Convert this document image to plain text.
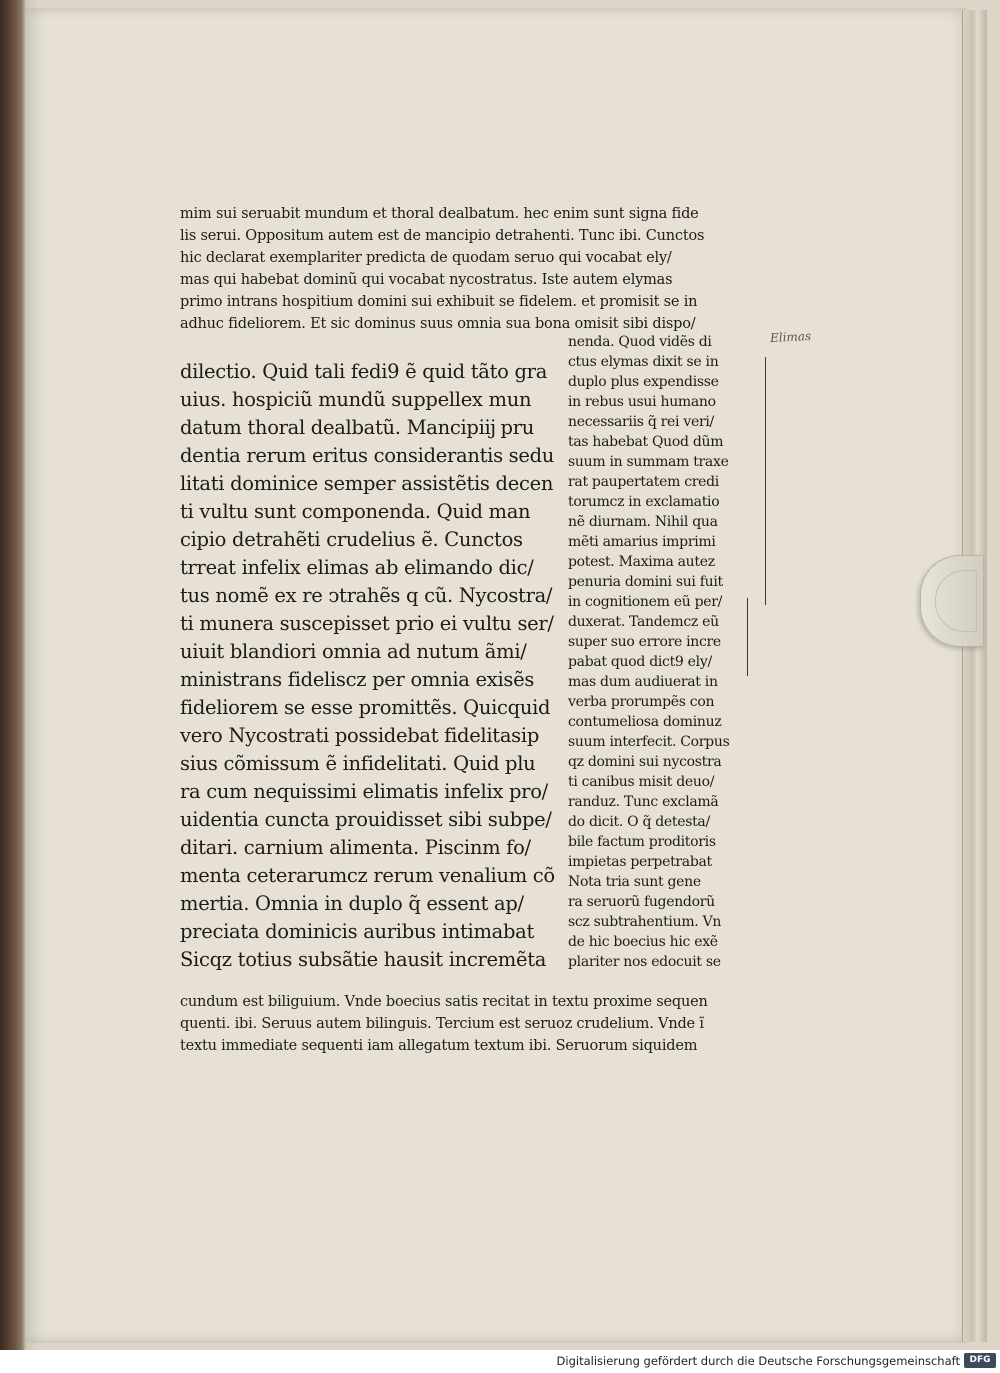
mim sui seruabit mundum et thoral dealbatum. hec enim sunt signa fide
lis serui. Oppositum autem est de mancipio detrahenti. Tunc ibi. Cunctos
hic declarat exemplariter predicta de quodam seruo qui vocabat ely/
mas qui habebat dominũ qui vocabat nycostratus. Iste autem elymas
primo intrans hospitium domini sui exhibuit se fidelem. et promisit se in
adhuc fideliorem. Et sic dominus suus omnia sua bona omisit sibi dispo/
dilectio. Quid tali fedi9 ẽ quid tãto gra
uius. hospiciũ mundũ suppellex mun
datum thoral dealbatũ. Mancipiĳ pru
dentia rerum eritus considerantis sedu
litati dominice semper assistẽtis decen
ti vultu sunt componenda. Quid man
cipio detrahẽti crudelius ẽ. Cunctos
trreat infelix elimas ab elimando dic/
tus nomẽ ex re ↄtrahẽs q cũ. Nycostra/
ti munera suscepisset prio ei vultu ser/
uiuit blandiori omnia ad nutum ãmi/
ministrans fideliscz per omnia exisẽs
fideliorem se esse promittẽs. Quicquid
vero Nycostrati possidebat fidelitasip
sius cõmissum ẽ infidelitati. Quid plu
ra cum nequissimi elimatis infelix pro/
uidentia cuncta prouidisset sibi subpe/
ditari. carnium alimenta. Piscinm fo/
menta ceterarumcz rerum venalium cõ
mertia. Omnia in duplo q̃ essent ap/
preciata dominicis auribus intimabat
Sicqz totius subsãtie hausit incremẽta
nenda. Quod vidẽs di
ctus elymas dixit se in
duplo plus expendisse
in rebus usui humano
necessariis q̃ rei veri/
tas habebat Quod dũm
suum in summam traxe
rat paupertatem credi
torumcz in exclamatio
nẽ diurnam. Nihil qua
mẽti amarius imprimi
potest. Maxima autez
penuria domini sui fuit
in cognitionem eũ per/
duxerat. Tandemcz eũ
super suo errore incre
pabat quod dict9 ely/
mas dum audiuerat in
verba prorumpẽs con
contumeliosa dominuz
suum interfecit. Corpus
qz domini sui nycostra
ti canibus misit deuo/
randuz. Tunc exclamã
do dicit. O q̃ detesta/
bile factum proditoris
impietas perpetrabat
Nota tria sunt gene
ra seruorũ fugendorũ
scz subtrahentium. Vn
de hic boecius hic exẽ
plariter nos edocuit se
cundum est biliguium. Vnde boecius satis recitat in textu proxime sequen
quenti. ibi. Seruus autem bilinguis. Tercium est seruoz crudelium. Vnde ĩ
textu immediate sequenti iam allegatum textum ibi. Seruorum siquidem
Elimas
Digitalisierung gefördert durch die Deutsche Forschungsgemeinschaft	DFG
